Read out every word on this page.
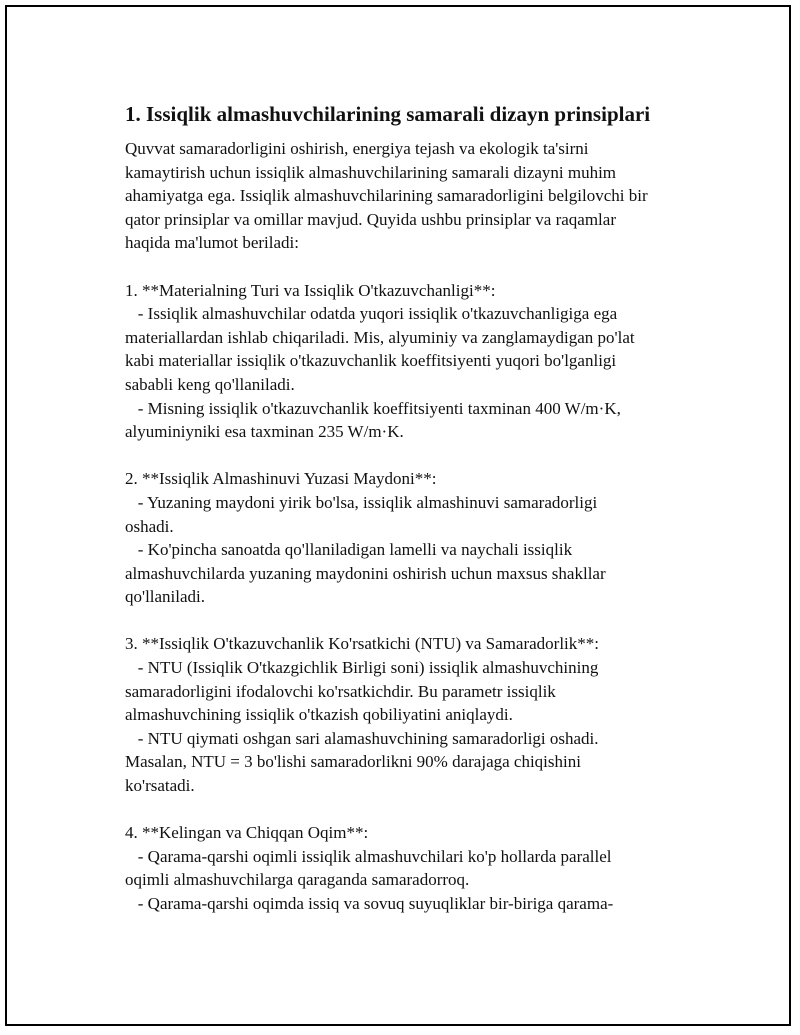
1. Issiqlik almashuvchilarining samarali dizayn prinsiplari
Quvvat samaradorligini oshirish, energiya tejash va ekologik ta'sirni
kamaytirish uchun issiqlik almashuvchilarining samarali dizayni muhim
ahamiyatga ega. Issiqlik almashuvchilarining samaradorligini belgilovchi bir
qator prinsiplar va omillar mavjud. Quyida ushbu prinsiplar va raqamlar
haqida ma'lumot beriladi:
1. **Materialning Turi va Issiqlik O'tkazuvchanligi**:
- Issiqlik almashuvchilar odatda yuqori issiqlik o'tkazuvchanligiga ega
materiallardan ishlab chiqariladi. Mis, alyuminiy va zanglamaydigan po'lat
kabi materiallar issiqlik o'tkazuvchanlik koeffitsiyenti yuqori bo'lganligi
sababli keng qo'llaniladi.
- Misning issiqlik o'tkazuvchanlik koeffitsiyenti taxminan 400 W/m·K,
alyuminiyniki esa taxminan 235 W/m·K.
2. **Issiqlik Almashinuvi Yuzasi Maydoni**:
- Yuzaning maydoni yirik bo'lsa, issiqlik almashinuvi samaradorligi
oshadi.
- Ko'pincha sanoatda qo'llaniladigan lamelli va naychali issiqlik
almashuvchilarda yuzaning maydonini oshirish uchun maxsus shakllar
qo'llaniladi.
3. **Issiqlik O'tkazuvchanlik Ko'rsatkichi (NTU) va Samaradorlik**:
- NTU (Issiqlik O'tkazgichlik Birligi soni) issiqlik almashuvchining
samaradorligini ifodalovchi ko'rsatkichdir. Bu parametr issiqlik
almashuvchining issiqlik o'tkazish qobiliyatini aniqlaydi.
- NTU qiymati oshgan sari alamashuvchining samaradorligi oshadi.
Masalan, NTU = 3 bo'lishi samaradorlikni 90% darajaga chiqishini
ko'rsatadi.
4. **Kelingan va Chiqqan Oqim**:
- Qarama-qarshi oqimli issiqlik almashuvchilari ko'p hollarda parallel
oqimli almashuvchilarga qaraganda samaradorroq.
- Qarama-qarshi oqimda issiq va sovuq suyuqliklar bir-biriga qarama-
